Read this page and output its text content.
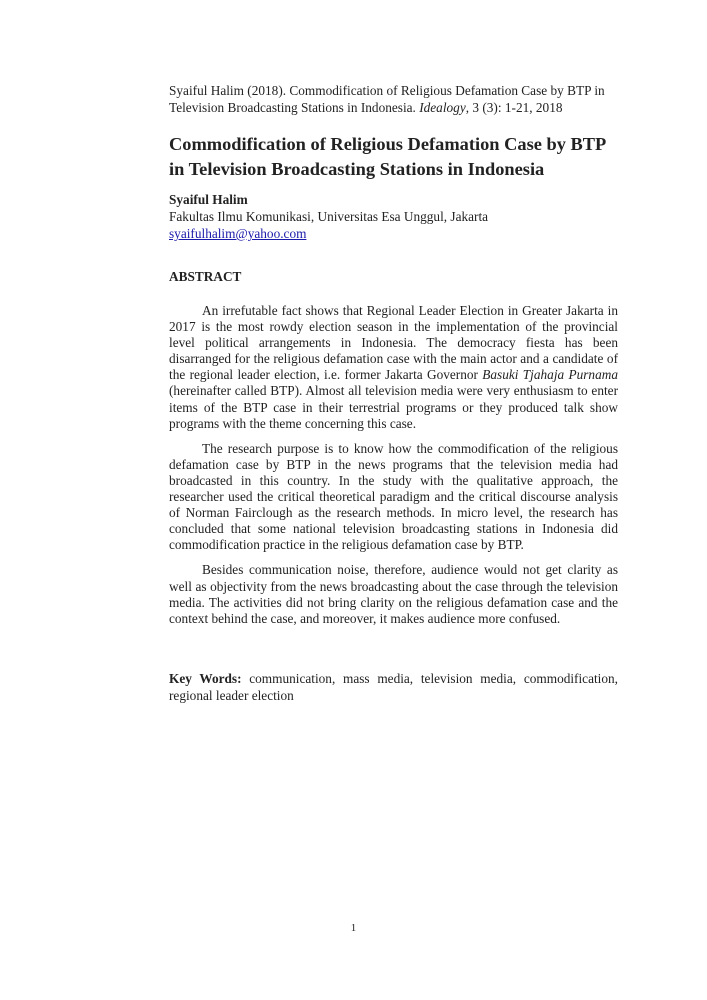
Syaiful Halim (2018). Commodification of Religious Defamation Case by BTP in Television Broadcasting Stations in Indonesia. Idealogy, 3 (3): 1-21, 2018
Commodification of Religious Defamation Case by BTP in Television Broadcasting Stations in Indonesia
Syaiful Halim
Fakultas Ilmu Komunikasi, Universitas Esa Unggul, Jakarta
syaifulhalim@yahoo.com
ABSTRACT

An irrefutable fact shows that Regional Leader Election in Greater Jakarta in 2017 is the most rowdy election season in the implementation of the provincial level political arrangements in Indonesia. The democracy fiesta has been disarranged for the religious defamation case with the main actor and a candidate of the regional leader election, i.e. former Jakarta Governor Basuki Tjahaja Purnama (hereinafter called BTP). Almost all television media were very enthusiasm to enter items of the BTP case in their terrestrial programs or they produced talk show programs with the theme concerning this case.

The research purpose is to know how the commodification of the religious defamation case by BTP in the news programs that the television media had broadcasted in this country. In the study with the qualitative approach, the researcher used the critical theoretical paradigm and the critical discourse analysis of Norman Fairclough as the research methods. In micro level, the research has concluded that some national television broadcasting stations in Indonesia did commodification practice in the religious defamation case by BTP.

Besides communication noise, therefore, audience would not get clarity as well as objectivity from the news broadcasting about the case through the television media. The activities did not bring clarity on the religious defamation case and the context behind the case, and moreover, it makes audience more confused.

Key Words: communication, mass media, television media, commodification, regional leader election
1
